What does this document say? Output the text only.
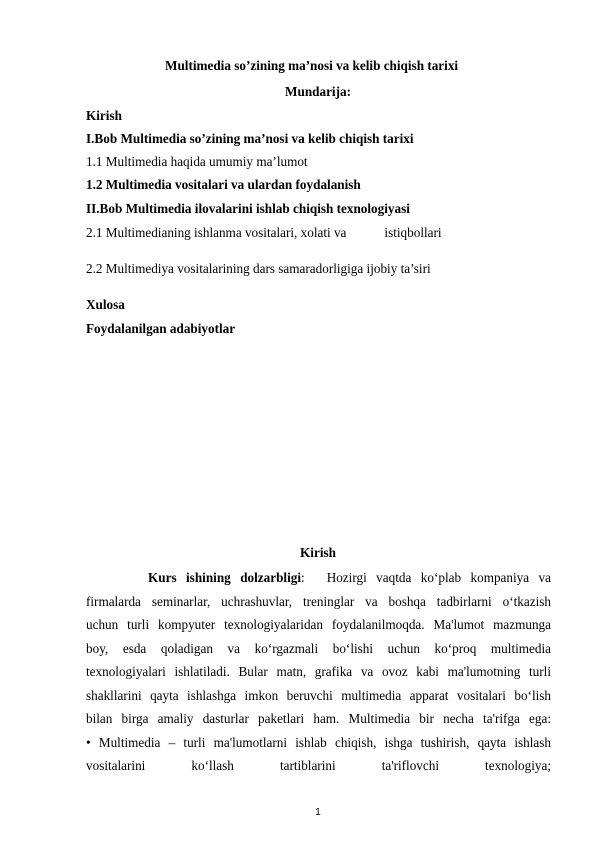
Multimedia so’zining ma’nosi va kelib chiqish tarixi
Mundarija:
Kirish
I.Bob Multimedia so’zining ma’nosi va kelib chiqish tarixi
1.1 Multimedia haqida umumiy ma’lumot
1.2 Multimedia vositalari va ulardan foydalanish
II.Bob Multimedia ilovalarini ishlab chiqish texnologiyasi
2.1 Multimedianing ishlanma vositalari, xolati va	istiqbollari
2.2 Multimediya vositalarining dars samaradorligiga ijobiy ta’siri
Xulosa
Foydalanilgan adabiyotlar
Kirish
Kurs ishining dolzarbligi: Hozirgi vaqtda ko‘plab kompaniya va
firmalarda seminarlar, uchrashuvlar, treninglar va boshqa tadbirlarni o‘tkazish
uchun turli kompyuter texnologiyalaridan foydalanilmoqda. Ma'lumot mazmunga
boy, esda qoladigan va ko‘rgazmali bo‘lishi uchun ko‘proq multimedia
texnologiyalari ishlatiladi. Bular matn, grafika va ovoz kabi ma'lumotning turli
shakllarini qayta ishlashga imkon beruvchi multimedia apparat vositalari bo‘lish
bilan birga amaliy dasturlar paketlari ham. Multimedia bir necha ta'rifga ega:
• Multimedia – turli ma'lumotlarni ishlab chiqish, ishga tushirish, qayta ishlash
vositalarini ko‘llash tartiblarini ta'riflovchi texnologiya;
1
